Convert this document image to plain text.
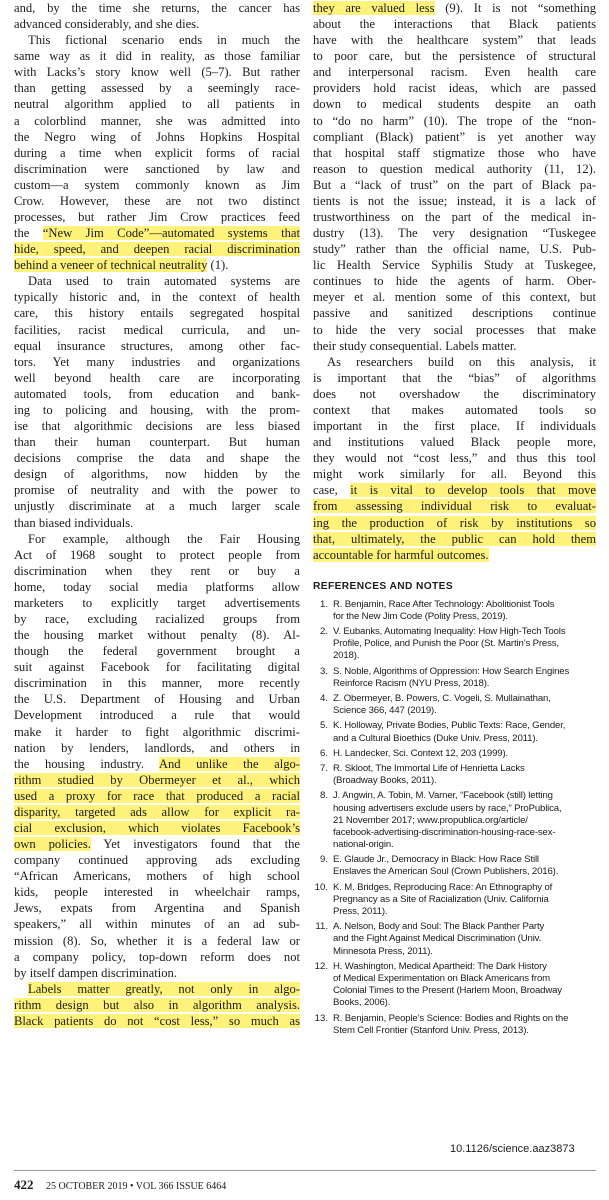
and, by the time she returns, the cancer has
advanced considerably, and she dies.
This fictional scenario ends in much the
same way as it did in reality, as those familiar
with Lacks’s story know well (5–7). But rather
than getting assessed by a seemingly race-
neutral algorithm applied to all patients in
a colorblind manner, she was admitted into
the Negro wing of Johns Hopkins Hospital
during a time when explicit forms of racial
discrimination were sanctioned by law and
custom—a system commonly known as Jim
Crow. However, these are not two distinct
processes, but rather Jim Crow practices feed
the “New Jim Code”—automated systems that
hide, speed, and deepen racial discrimination
behind a veneer of technical neutrality (1).
Data used to train automated systems are
typically historic and, in the context of health
care, this history entails segregated hospital
facilities, racist medical curricula, and un-
equal insurance structures, among other fac-
tors. Yet many industries and organizations
well beyond health care are incorporating
automated tools, from education and bank-
ing to policing and housing, with the prom-
ise that algorithmic decisions are less biased
than their human counterpart. But human
decisions comprise the data and shape the
design of algorithms, now hidden by the
promise of neutrality and with the power to
unjustly discriminate at a much larger scale
than biased individuals.
For example, although the Fair Housing
Act of 1968 sought to protect people from
discrimination when they rent or buy a
home, today social media platforms allow
marketers to explicitly target advertisements
by race, excluding racialized groups from
the housing market without penalty (8). Al-
though the federal government brought a
suit against Facebook for facilitating digital
discrimination in this manner, more recently
the U.S. Department of Housing and Urban
Development introduced a rule that would
make it harder to fight algorithmic discrimi-
nation by lenders, landlords, and others in
the housing industry. And unlike the algo-
rithm studied by Obermeyer et al., which
used a proxy for race that produced a racial
disparity, targeted ads allow for explicit ra-
cial exclusion, which violates Facebook’s
own policies. Yet investigators found that the
company continued approving ads excluding
“African Americans, mothers of high school
kids, people interested in wheelchair ramps,
Jews, expats from Argentina and Spanish
speakers,” all within minutes of an ad sub-
mission (8). So, whether it is a federal law or
a company policy, top-down reform does not
by itself dampen discrimination.
Labels matter greatly, not only in algo-
rithm design but also in algorithm analysis.
Black patients do not “cost less,” so much as
they are valued less (9). It is not “something
about the interactions that Black patients
have with the healthcare system” that leads
to poor care, but the persistence of structural
and interpersonal racism. Even health care
providers hold racist ideas, which are passed
down to medical students despite an oath
to “do no harm” (10). The trope of the “non-
compliant (Black) patient” is yet another way
that hospital staff stigmatize those who have
reason to question medical authority (11, 12).
But a “lack of trust” on the part of Black pa-
tients is not the issue; instead, it is a lack of
trustworthiness on the part of the medical in-
dustry (13). The very designation “Tuskegee
study” rather than the official name, U.S. Pub-
lic Health Service Syphilis Study at Tuskegee,
continues to hide the agents of harm. Ober-
meyer et al. mention some of this context, but
passive and sanitized descriptions continue
to hide the very social processes that make
their study consequential. Labels matter.
As researchers build on this analysis, it
is important that the “bias” of algorithms
does not overshadow the discriminatory
context that makes automated tools so
important in the first place. If individuals
and institutions valued Black people more,
they would not “cost less,” and thus this tool
might work similarly for all. Beyond this
case, it is vital to develop tools that move
from assessing individual risk to evaluat-
ing the production of risk by institutions so
that, ultimately, the public can hold them
accountable for harmful outcomes.
REFERENCES AND NOTES
1. R. Benjamin, Race After Technology: Abolitionist Tools
for the New Jim Code (Polity Press, 2019).
2. V. Eubanks, Automating Inequality: How High-Tech Tools
Profile, Police, and Punish the Poor (St. Martin’s Press,
2018).
3. S. Noble, Algorithms of Oppression: How Search Engines
Reinforce Racism (NYU Press, 2018).
4. Z. Obermeyer, B. Powers, C. Vogeli, S. Mullainathan,
Science 366, 447 (2019).
5. K. Holloway, Private Bodies, Public Texts: Race, Gender,
and a Cultural Bioethics (Duke Univ. Press, 2011).
6. H. Landecker, Sci. Context 12, 203 (1999).
7. R. Skloot, The Immortal Life of Henrietta Lacks
(Broadway Books, 2011).
8. J. Angwin, A. Tobin, M. Varner, “Facebook (still) letting
housing advertisers exclude users by race,” ProPublica,
21 November 2017; www.propublica.org/article/
facebook-advertising-discrimination-housing-race-sex-
national-origin.
9. E. Glaude Jr., Democracy in Black: How Race Still
Enslaves the American Soul (Crown Publishers, 2016).
10. K. M. Bridges, Reproducing Race: An Ethnography of
Pregnancy as a Site of Racialization (Univ. California
Press, 2011).
11. A. Nelson, Body and Soul: The Black Panther Party
and the Fight Against Medical Discrimination (Univ.
Minnesota Press, 2011).
12. H. Washington, Medical Apartheid: The Dark History
of Medical Experimentation on Black Americans from
Colonial Times to the Present (Harlem Moon, Broadway
Books, 2006).
13. R. Benjamin, People’s Science: Bodies and Rights on the
Stem Cell Frontier (Stanford Univ. Press, 2013).
10.1126/science.aaz3873
422 25 OCTOBER 2019 • VOL 366 ISSUE 6464
